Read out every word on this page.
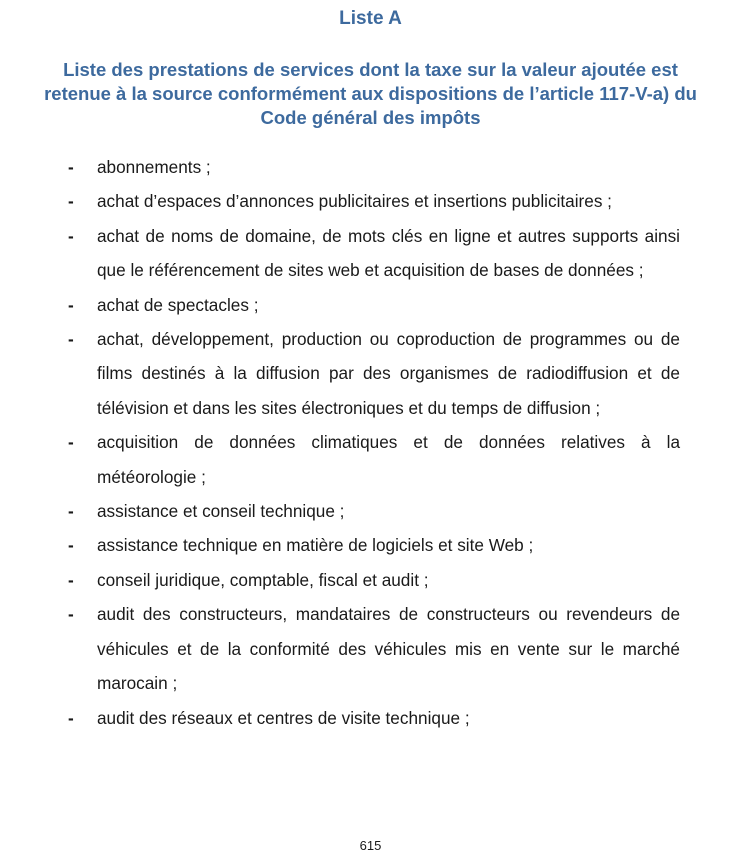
Liste A
Liste des prestations de services dont la taxe sur la valeur ajoutée est retenue à la source conformément aux dispositions de l’article 117-V-a) du Code général des impôts
-	abonnements ;
-	achat d’espaces d’annonces publicitaires et insertions publicitaires ;
-	achat de noms de domaine, de mots clés en ligne et autres supports ainsi que le référencement de sites web et acquisition de bases de données ;
-	achat de spectacles ;
-	achat, développement, production ou coproduction de programmes ou de films destinés à la diffusion par des organismes de radiodiffusion et de télévision et dans les sites électroniques et du temps de diffusion ;
-	acquisition de données climatiques et de données relatives à la météorologie ;
-	assistance et conseil technique ;
-	assistance technique en matière de logiciels et site Web ;
-	conseil juridique, comptable, fiscal et audit ;
-	audit des constructeurs, mandataires de constructeurs ou revendeurs de véhicules et de la conformité des véhicules mis en vente sur le marché marocain ;
-	audit des réseaux et centres de visite technique ;
615
